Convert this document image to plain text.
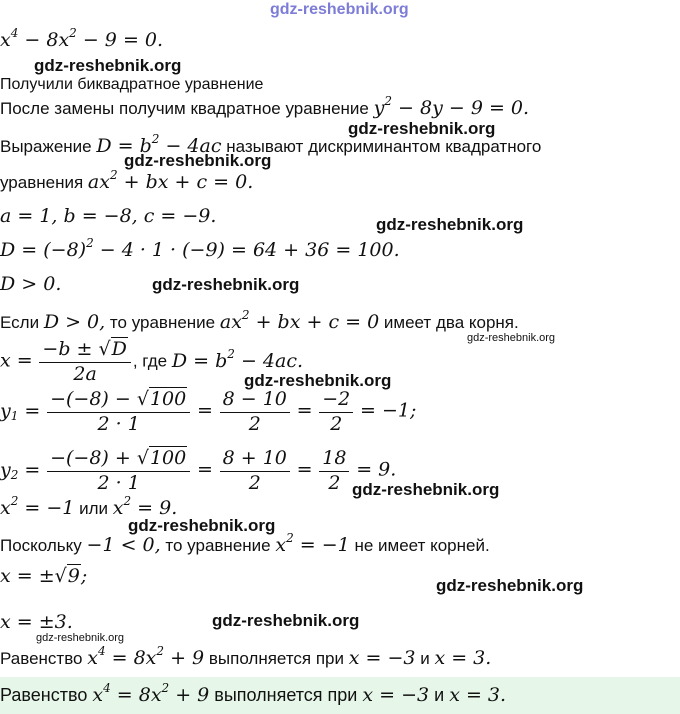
gdz-reshebnik.org
$x^4 - 8x^2 - 9 = 0$.
Получили биквадратное уравнение
После замены получим квадратное уравнение $y^2 - 8y - 9 = 0$.
Выражение $D = b^2 - 4ac$ называют дискриминантом квадратного
уравнения $ax^2$ + bx + c = 0.
a = 1, b = −8, c = −9.
$D = (-8)^2 - 4 \cdot 1 \cdot (-9) = 64 + 36 = 100$.
D > 0.
Если D > 0, то уравнение $ax^2$ + bx + c = 0 имеет два корня.
$x = \frac{-b \pm √D}{2a}$ , где $D = b^2 - 4ac$.
$y_1 = \frac{-(-8) - √100}{2 \cdot 1} = \frac{8 - 10}{2} = \frac{-2}{2} = -1$;
$y_2 = \frac{-(-8) + √100}{2 \cdot 1} = \frac{8 + 10}{2} = \frac{18}{2} = 9$.
$x^2 = -1$ или $x^2 = 9$.
Поскольку −1 < 0, то уравнение $x^2 = -1$ не имеет корней.
x = ±√9;
x = ±3.
Равенство $x^4 = 8x^2 + 9$ выполняется при x = −3 и x = 3.
Равенство $x^4 = 8x^2 + 9$ выполняется при x = −3 и x = 3.
gdz-reshebnik.org
gdz-reshebnik.org
gdz-reshebnik.org
gdz-reshebnik.org
gdz-reshebnik.org
gdz-reshebnik.org
gdz-reshebnik.org
gdz-reshebnik.org
gdz-reshebnik.org
gdz-reshebnik.org
gdz-reshebnik.org
gdz-reshebnik.org
